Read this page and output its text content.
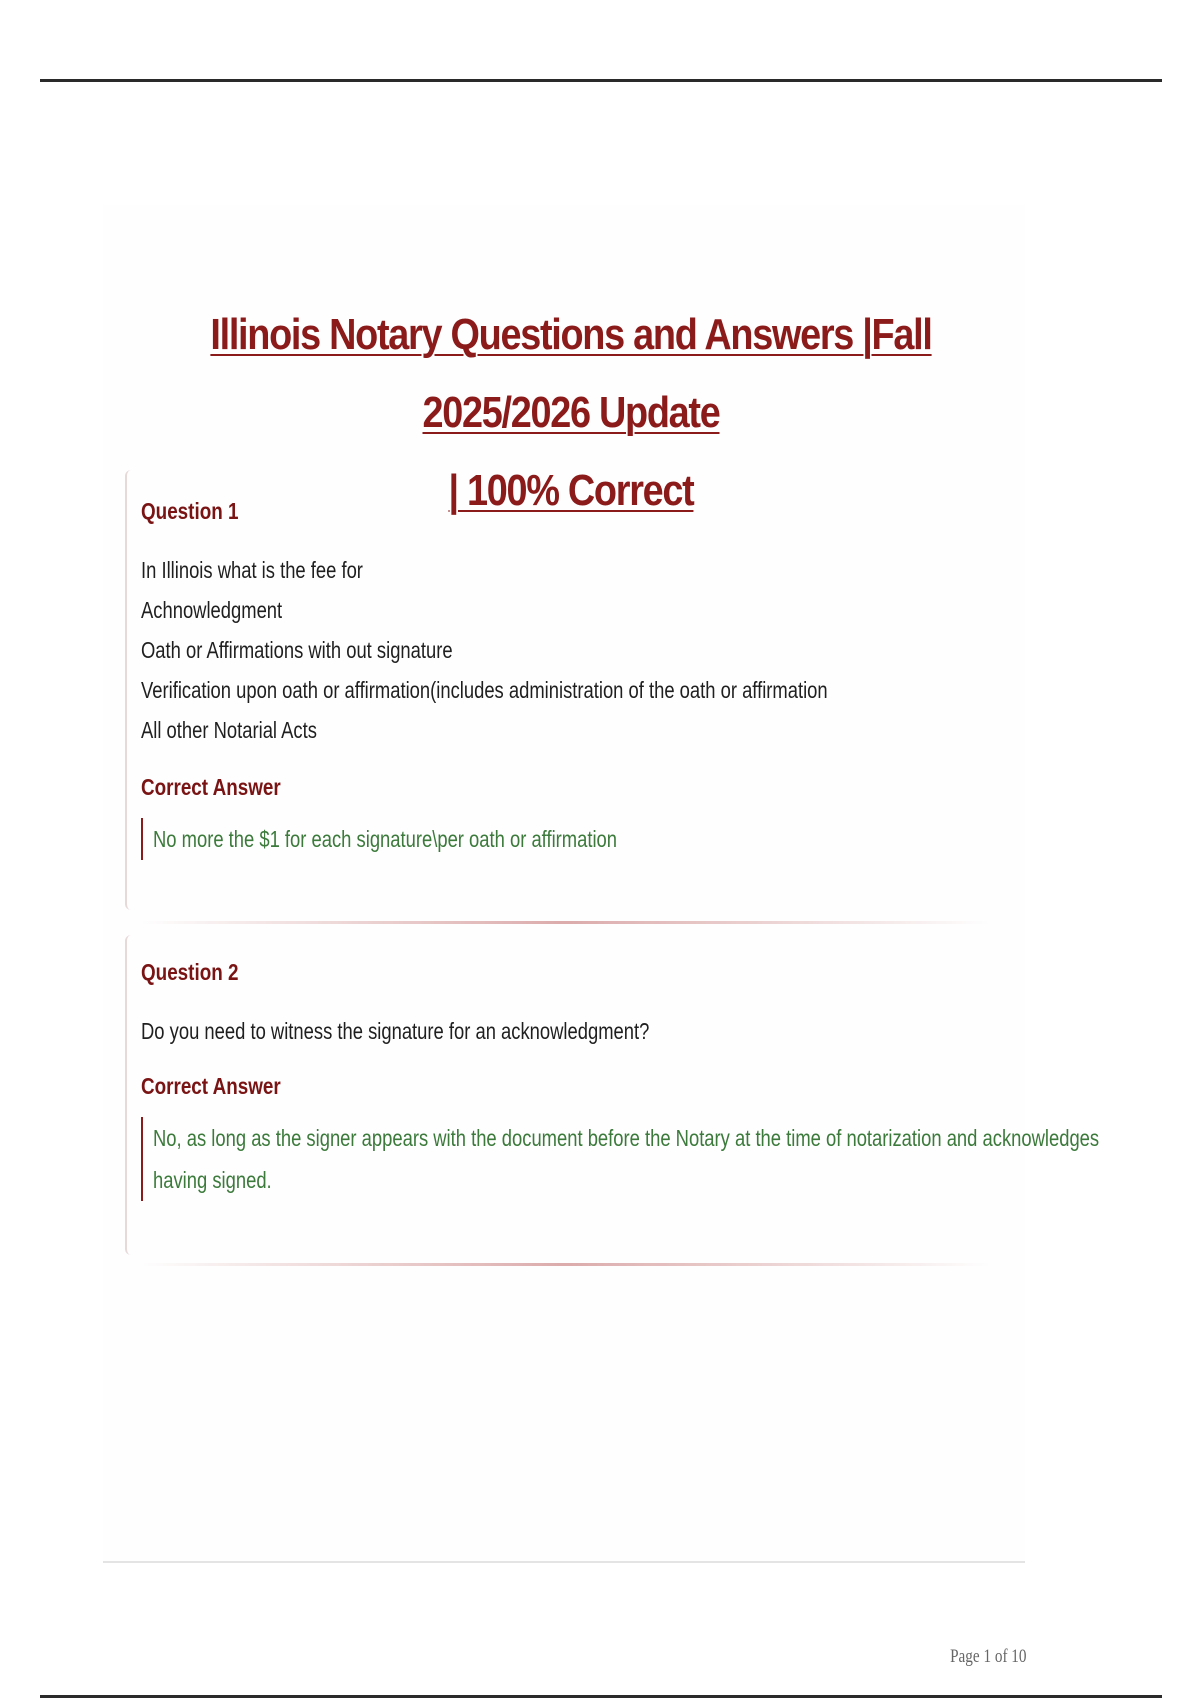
Illinois Notary Questions and Answers |Fall 2025/2026 Update
| 100% Correct
Question 1
In Illinois what is the fee for
Achnowledgment
Oath or Affirmations with out signature
Verification upon oath or affirmation(includes administration of the oath or affirmation
All other Notarial Acts
Correct Answer
No more the $1 for each signature\per oath or affirmation
Question 2
Do you need to witness the signature for an acknowledgment?
Correct Answer
No, as long as the signer appears with the document before the Notary at the time of notarization and acknowledges
having signed.
Page 1 of 10
